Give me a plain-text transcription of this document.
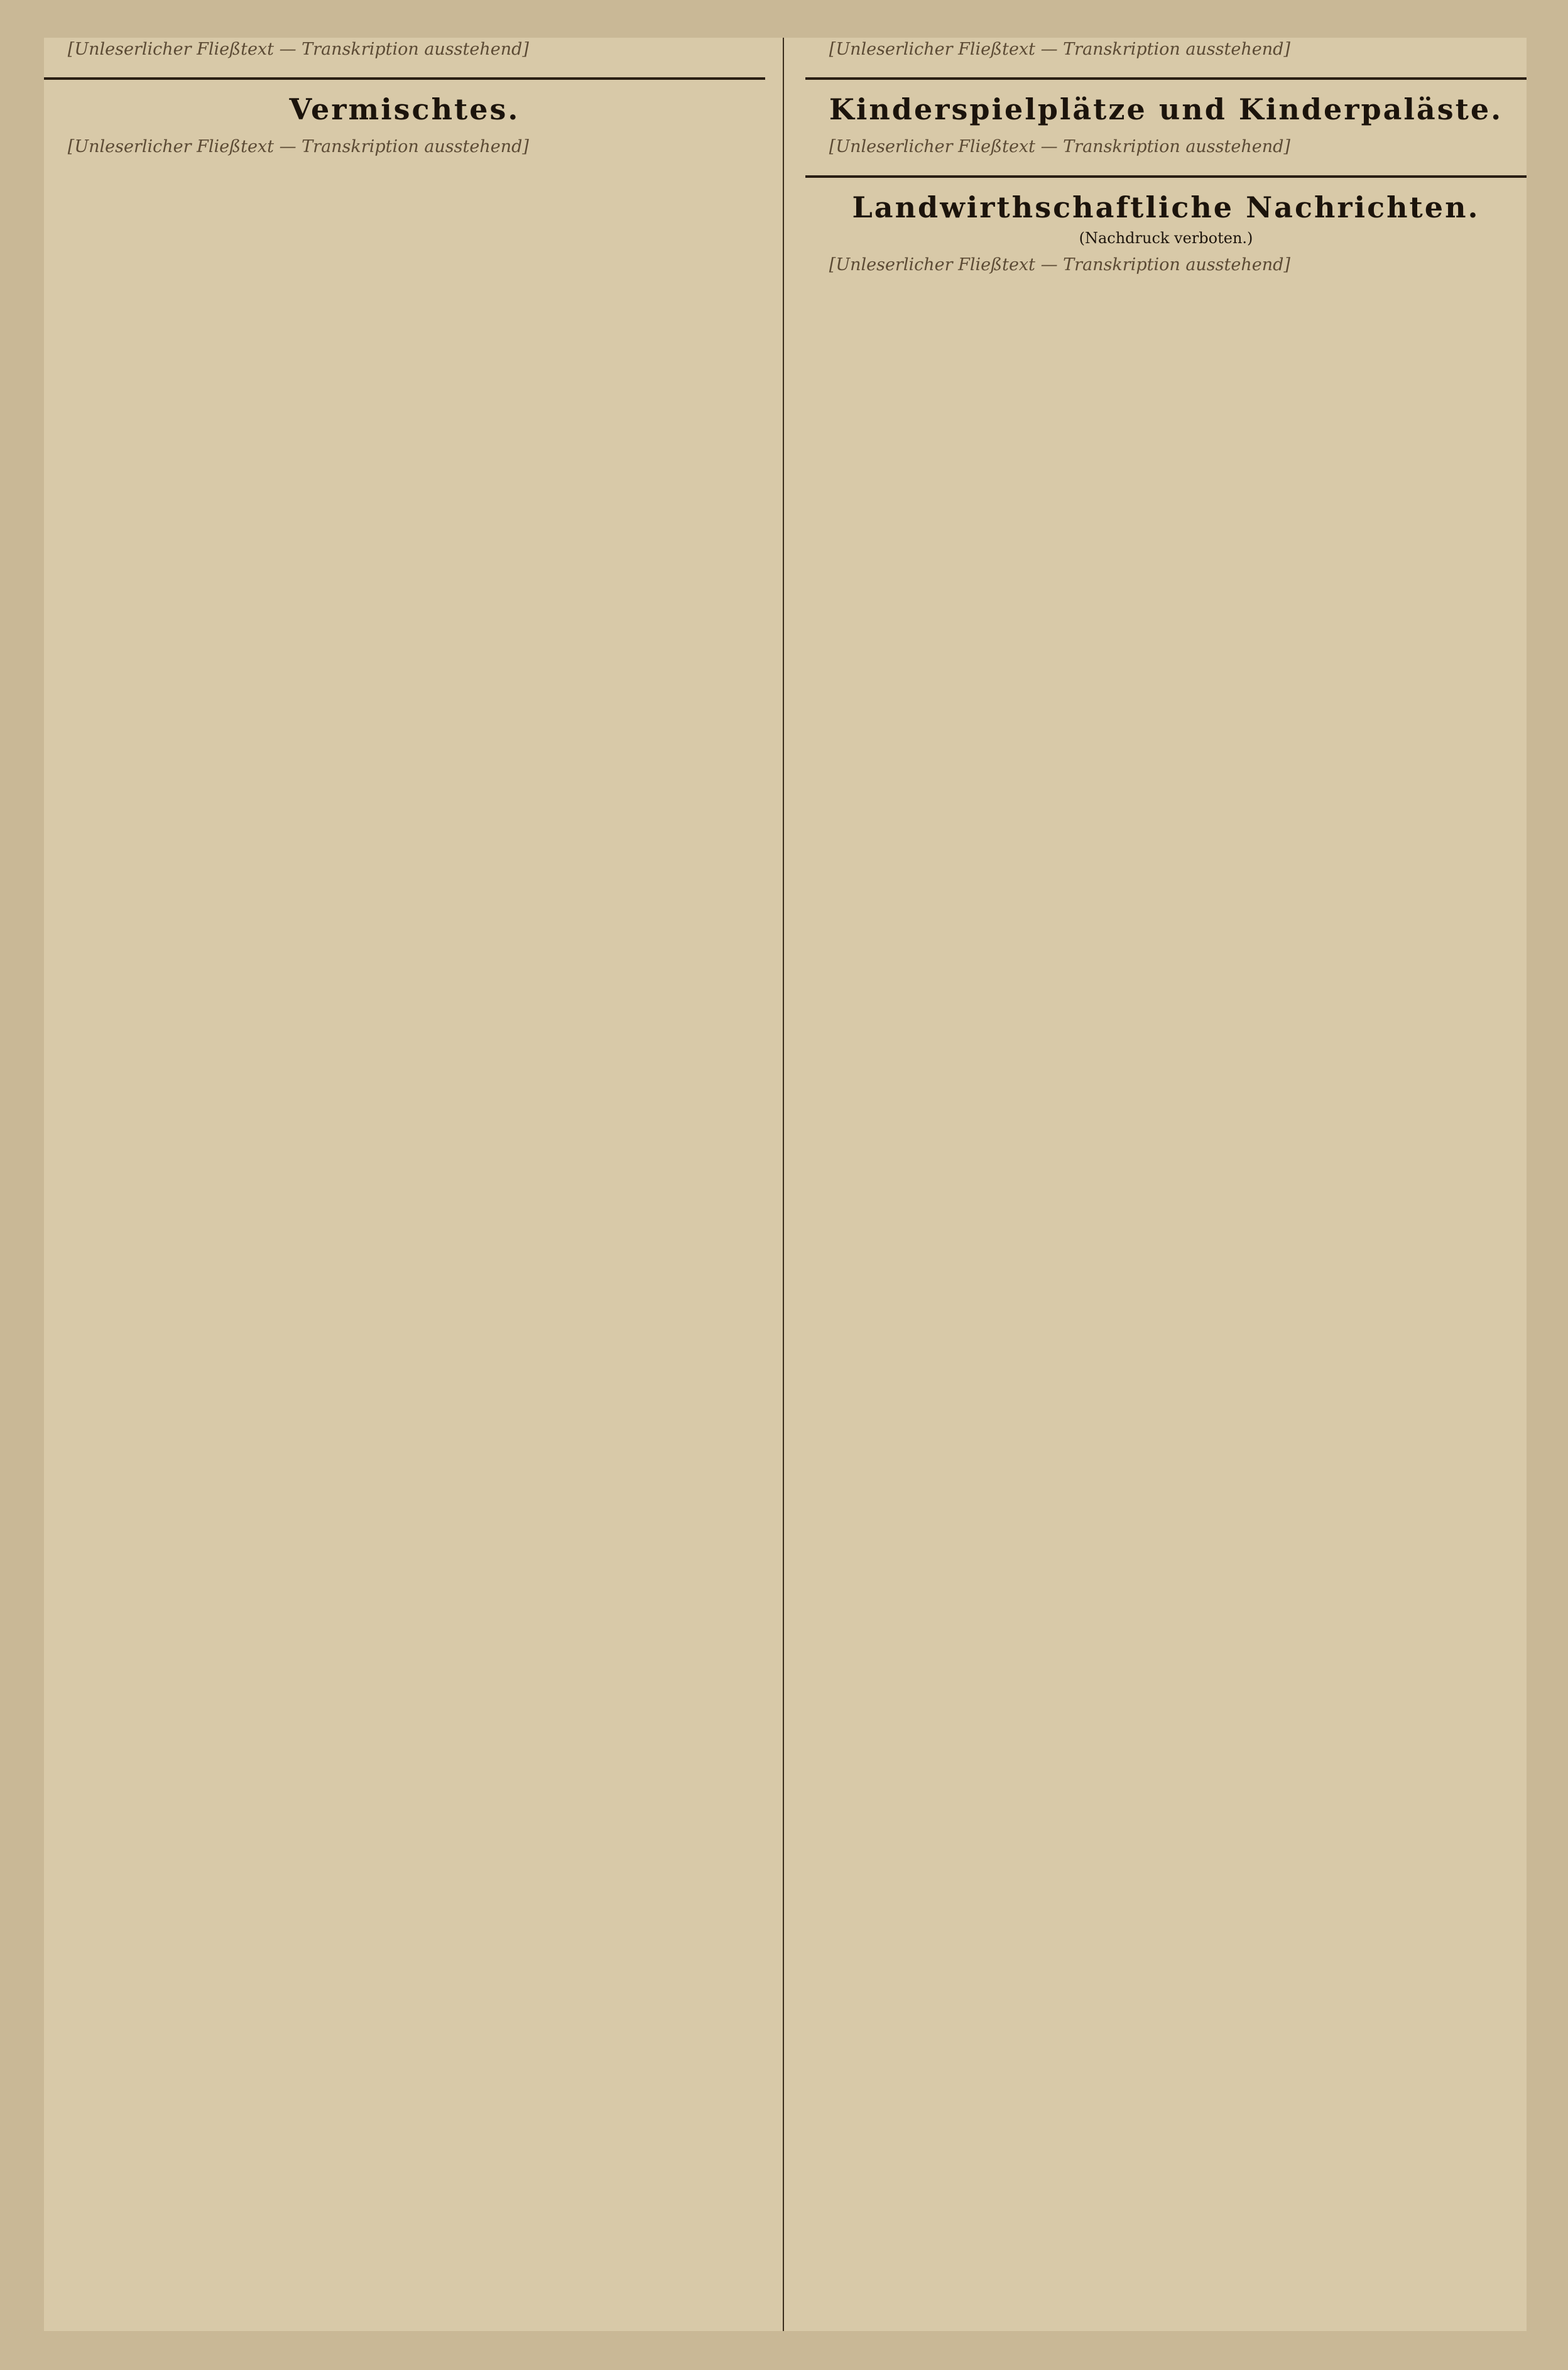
[Unleserlicher Fließtext — Transkription ausstehend]

Vermischtes.

[Unleserlicher Fließtext — Transkription ausstehend]

[Unleserlicher Fließtext — Transkription ausstehend]

Kinderspielplätze und Kinderpaläste.

[Unleserlicher Fließtext — Transkription ausstehend]

Landwirthschaftliche Nachrichten.
(Nachdruck verboten.)

[Unleserlicher Fließtext — Transkription ausstehend]
